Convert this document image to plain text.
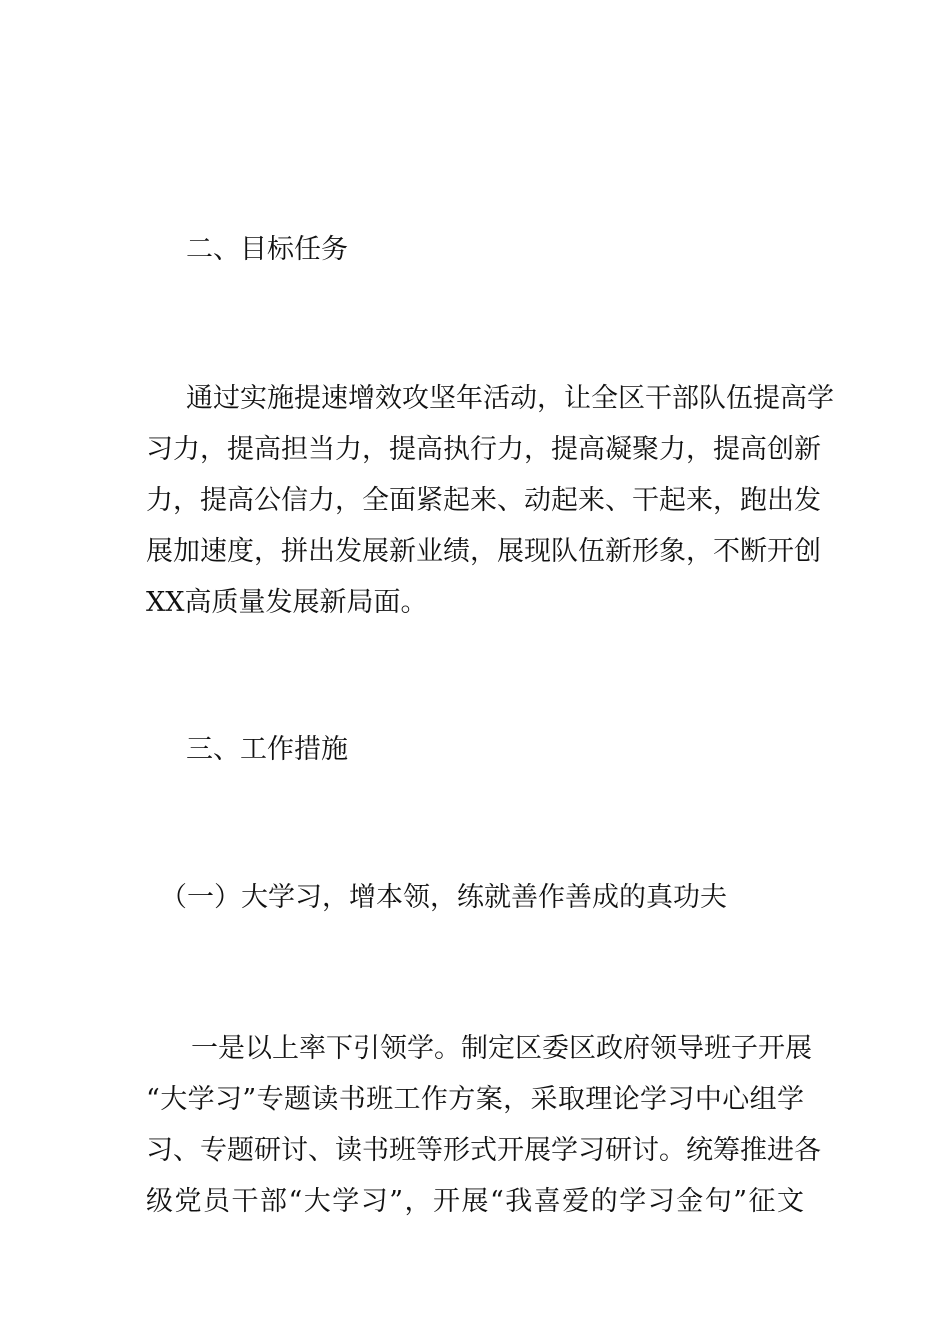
二、目标任务
通过实施提速增效攻坚年活动，让全区干部队伍提高学
习力，提高担当力，提高执行力，提高凝聚力，提高创新
力，提高公信力，全面紧起来、动起来、干起来，跑出发
展加速度，拼出发展新业绩，展现队伍新形象，不断开创
XX高质量发展新局面。
三、工作措施
（一）大学习，增本领，练就善作善成的真功夫
一是以上率下引领学。制定区委区政府领导班子开展
“大学习”专题读书班工作方案，采取理论学习中心组学
习、专题研讨、读书班等形式开展学习研讨。统筹推进各
级党员干部“大学习”，开展“我喜爱的学习金句”征文
